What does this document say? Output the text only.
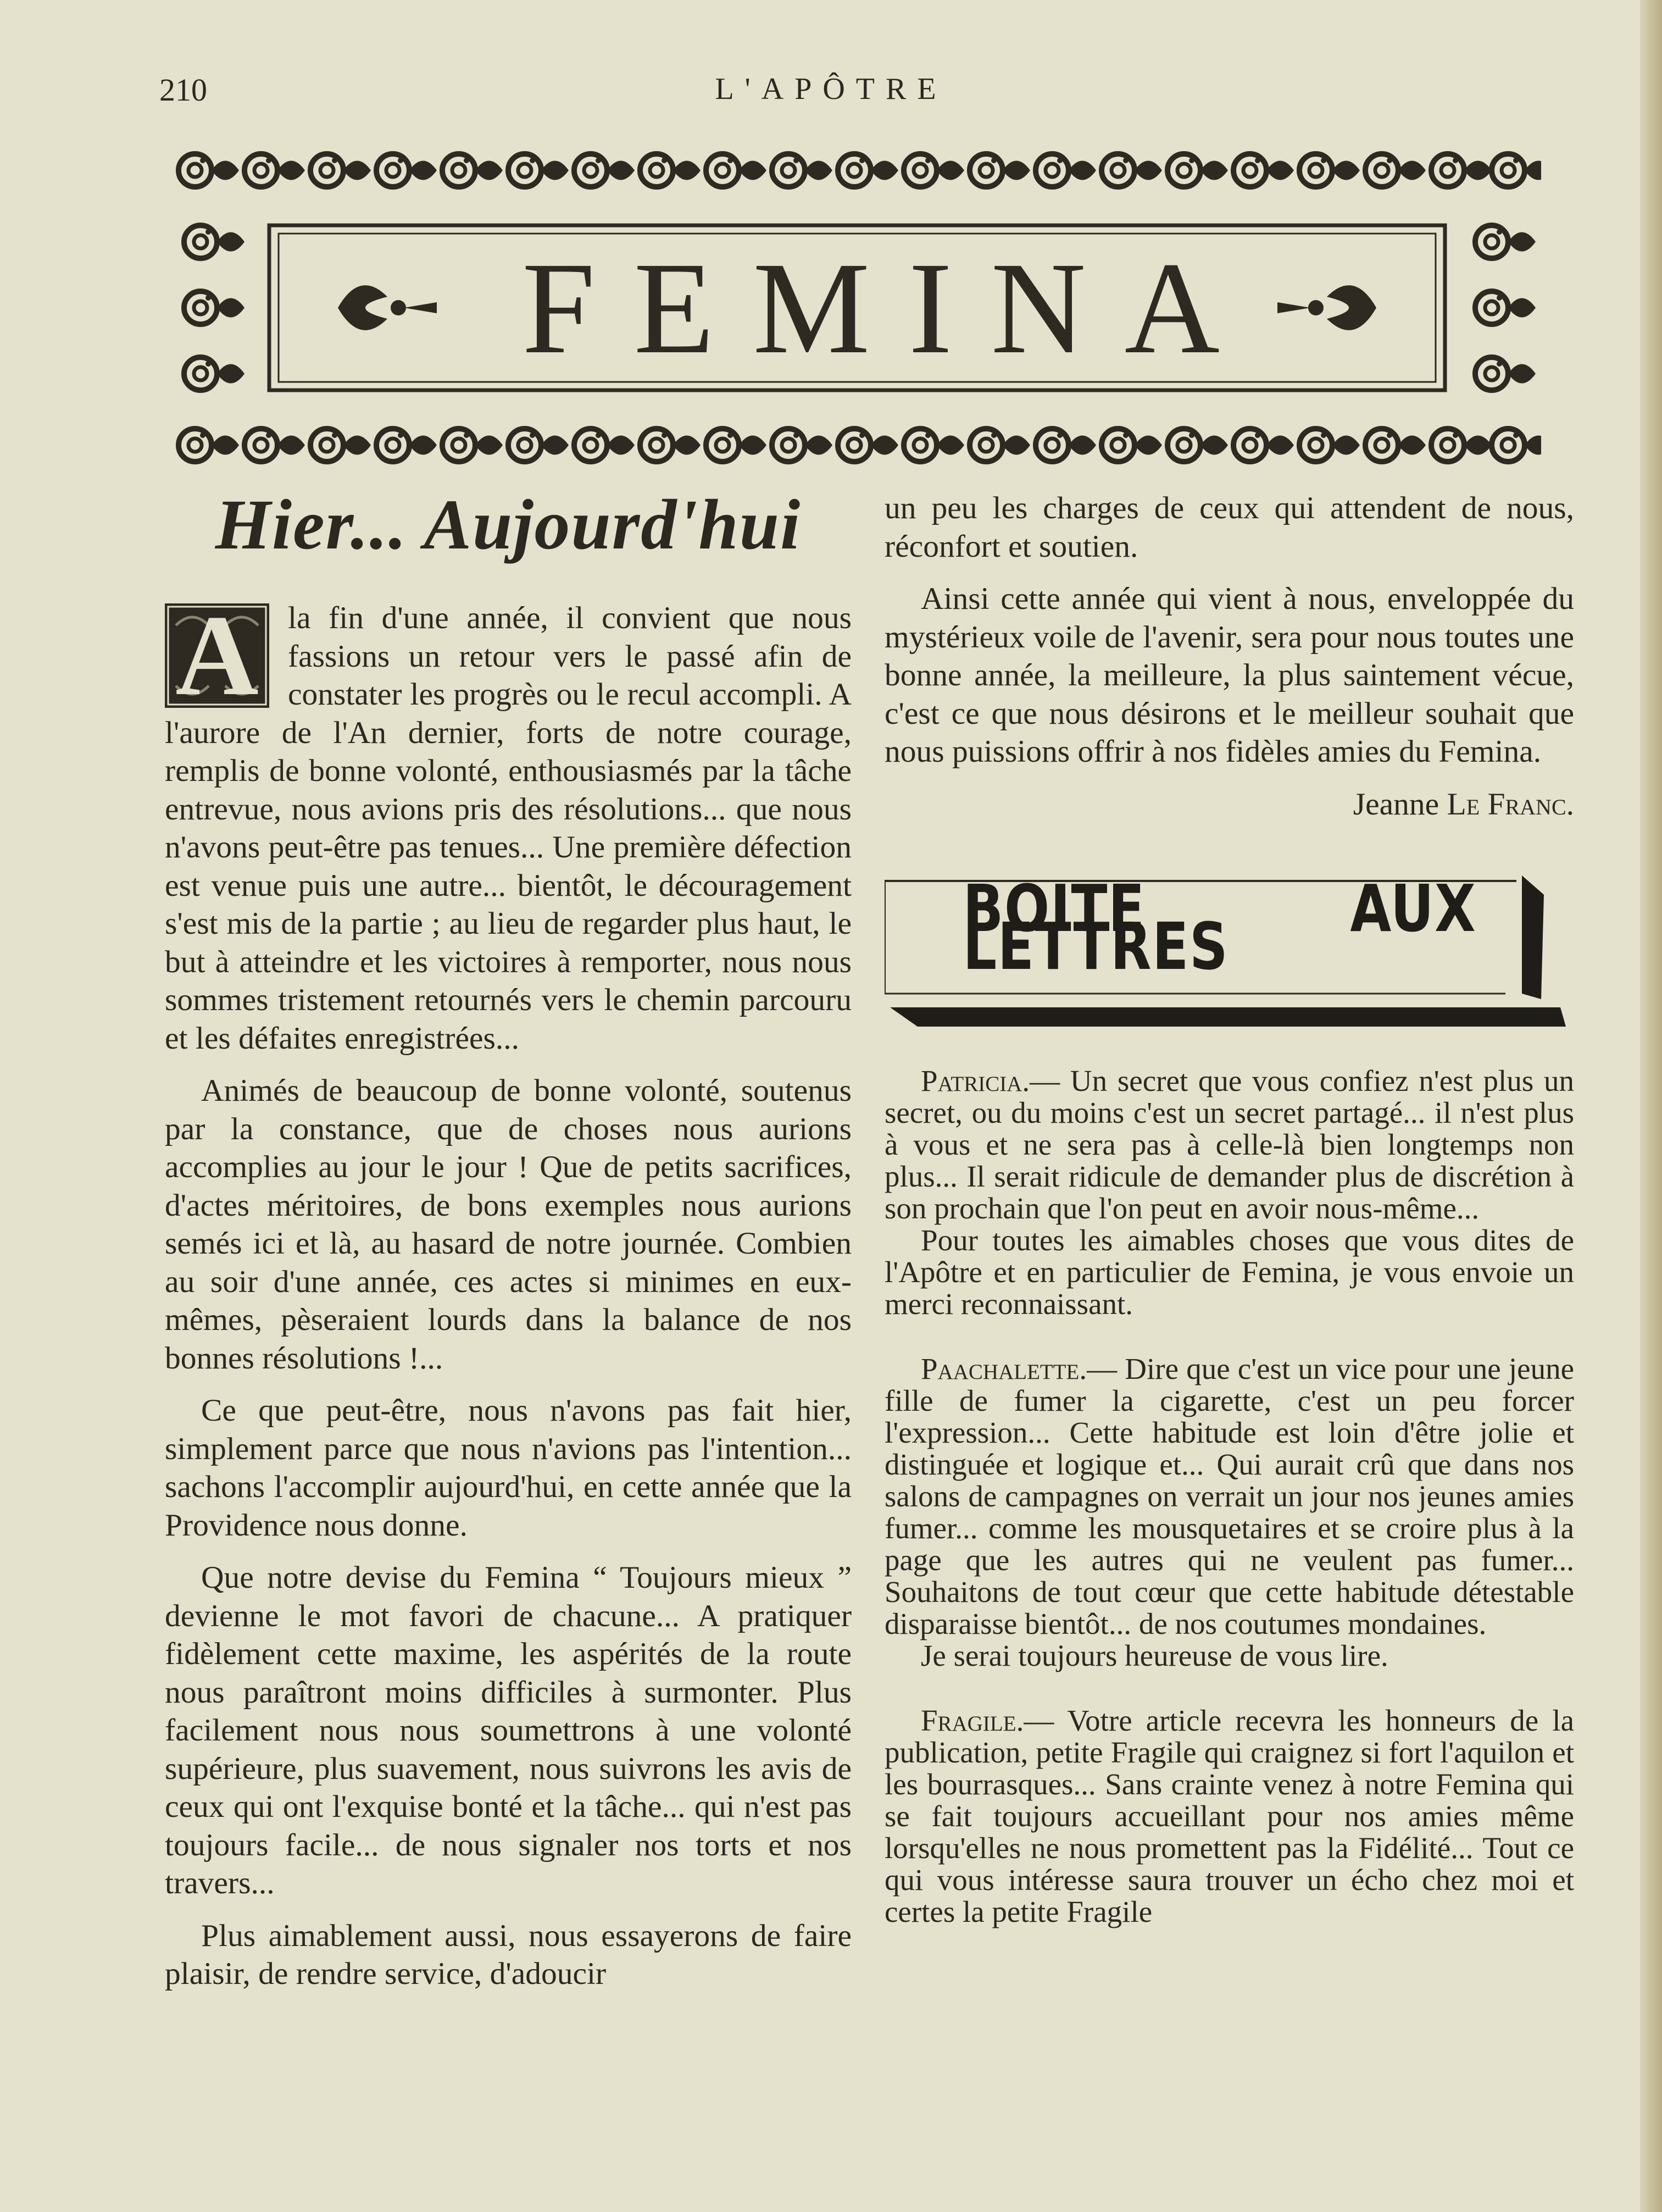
210	L'APÔTRE
FEMINA
Hier... Aujourd'hui

A la fin d'une année, il convient que nous fassions un retour vers le passé afin de constater les progrès ou le recul accompli. A l'aurore de l'An dernier, forts de notre courage, remplis de bonne volonté, enthousiasmés par la tâche entrevue, nous avions pris des résolutions... que nous n'avons peut-être pas tenues... Une première défection est venue puis une autre... bientôt, le découragement s'est mis de la partie ; au lieu de regarder plus haut, le but à atteindre et les victoires à remporter, nous nous sommes tristement retournés vers le chemin parcouru et les défaites enregistrées...

Animés de beaucoup de bonne volonté, soutenus par la constance, que de choses nous aurions accomplies au jour le jour ! Que de petits sacrifices, d'actes méritoires, de bons exemples nous aurions semés ici et là, au hasard de notre journée. Combien au soir d'une année, ces actes si minimes en eux-mêmes, pèseraient lourds dans la balance de nos bonnes résolutions !...

Ce que peut-être, nous n'avons pas fait hier, simplement parce que nous n'avions pas l'intention... sachons l'accomplir aujourd'hui, en cette année que la Providence nous donne.

Que notre devise du Femina “ Toujours mieux ” devienne le mot favori de chacune... A pratiquer fidèlement cette maxime, les aspérités de la route nous paraîtront moins difficiles à surmonter. Plus facilement nous nous soumettrons à une volonté supérieure, plus suavement, nous suivrons les avis de ceux qui ont l'exquise bonté et la tâche... qui n'est pas toujours facile... de nous signaler nos torts et nos travers...

Plus aimablement aussi, nous essayerons de faire plaisir, de rendre service, d'adoucir

un peu les charges de ceux qui attendent de nous, réconfort et soutien.

Ainsi cette année qui vient à nous, enveloppée du mystérieux voile de l'avenir, sera pour nous toutes une bonne année, la meilleure, la plus saintement vécue, c'est ce que nous désirons et le meilleur souhait que nous puissions offrir à nos fidèles amies du Femina.

Jeanne Le Franc.

BOITE AUX LETTRES

Patricia.— Un secret que vous confiez n'est plus un secret, ou du moins c'est un secret partagé... il n'est plus à vous et ne sera pas à celle-là bien longtemps non plus... Il serait ridicule de demander plus de discrétion à son prochain que l'on peut en avoir nous-même...

Pour toutes les aimables choses que vous dites de l'Apôtre et en particulier de Femina, je vous envoie un merci reconnaissant.

Paachalette.— Dire que c'est un vice pour une jeune fille de fumer la cigarette, c'est un peu forcer l'expression... Cette habitude est loin d'être jolie et distinguée et logique et... Qui aurait crû que dans nos salons de campagnes on verrait un jour nos jeunes amies fumer... comme les mousquetaires et se croire plus à la page que les autres qui ne veulent pas fumer... Souhaitons de tout cœur que cette habitude détestable disparaisse bientôt... de nos coutumes mondaines.

Je serai toujours heureuse de vous lire.

Fragile.— Votre article recevra les honneurs de la publication, petite Fragile qui craignez si fort l'aquilon et les bourrasques... Sans crainte venez à notre Femina qui se fait toujours accueillant pour nos amies même lorsqu'elles ne nous promettent pas la Fidélité... Tout ce qui vous intéresse saura trouver un écho chez moi et certes la petite Fragile
